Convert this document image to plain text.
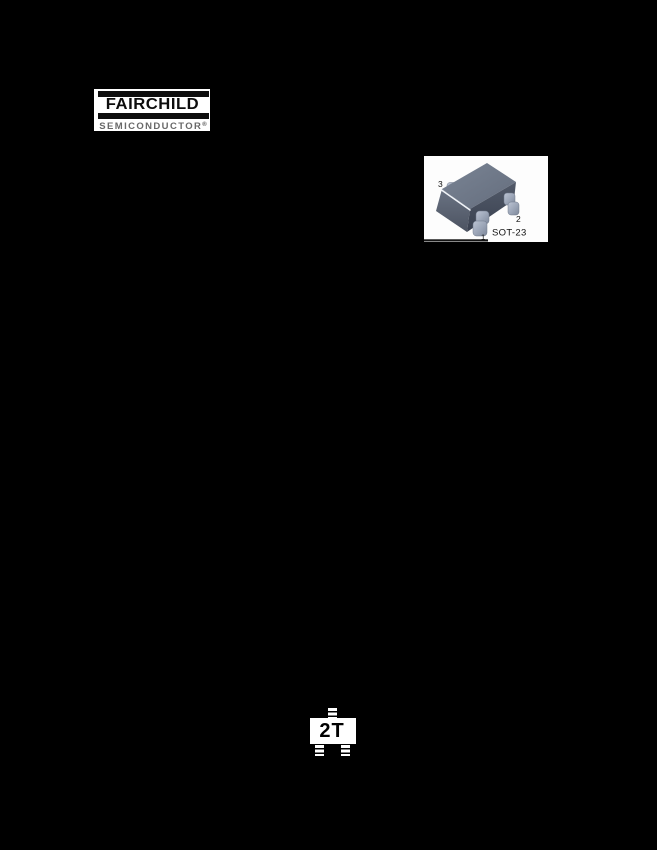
FAIRCHILD
SEMICONDUCTOR®
3
2
1 SOT-23
2T
